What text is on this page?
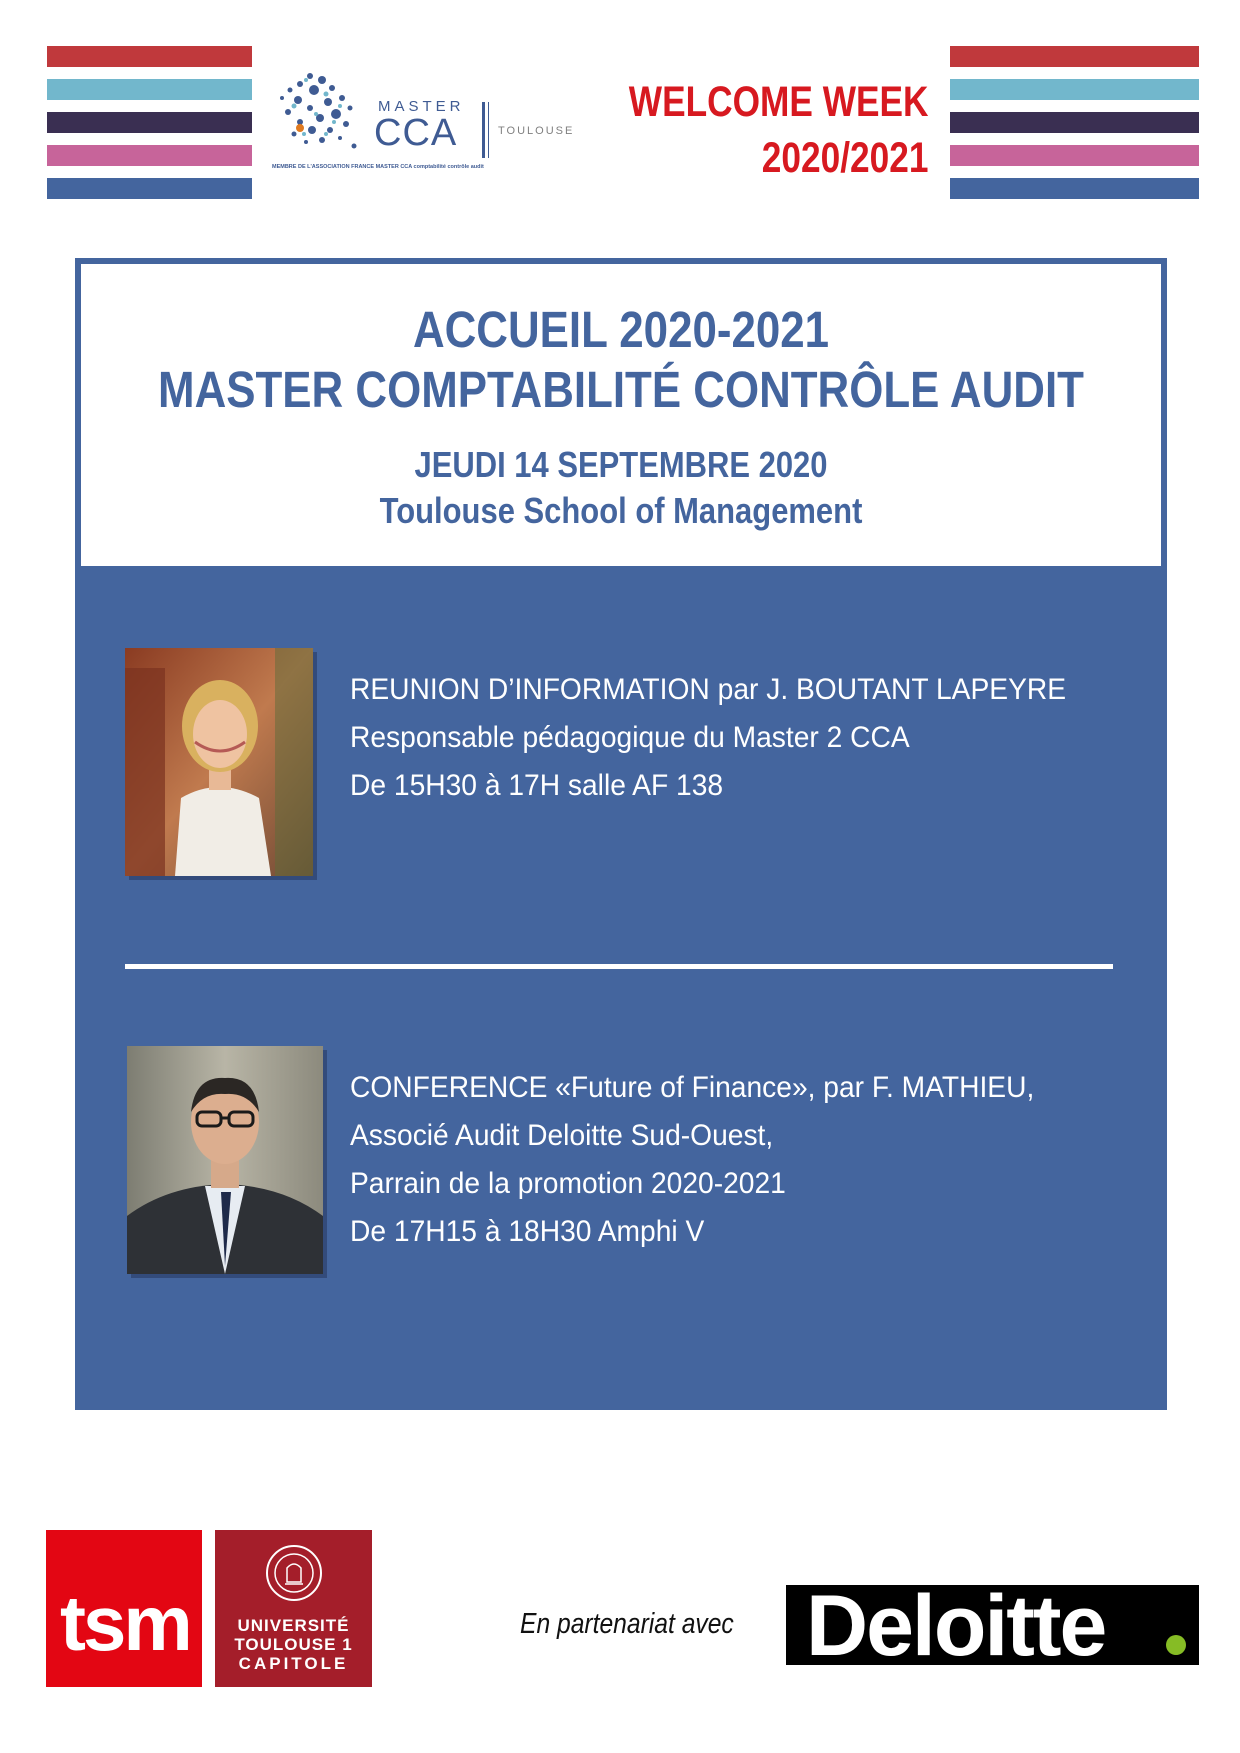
MASTER
CCA	TOULOUSE
MEMBRE DE L'ASSOCIATION FRANCE MASTER CCA comptabilité contrôle audit
WELCOME WEEK
2020/2021
ACCUEIL 2020-2021
MASTER COMPTABILITÉ CONTRÔLE AUDIT
JEUDI 14 SEPTEMBRE 2020
Toulouse School of Management
REUNION D’INFORMATION par J. BOUTANT LAPEYRE
Responsable pédagogique du Master 2 CCA
De 15H30 à 17H salle AF 138
CONFERENCE «Future of Finance», par F. MATHIEU,
Associé Audit Deloitte Sud-Ouest,
Parrain de la promotion 2020-2021
De 17H15 à 18H30 Amphi V
tsm	UNIVERSITÉ
TOULOUSE 1
CAPITOLE
En partenariat avec Deloitte
